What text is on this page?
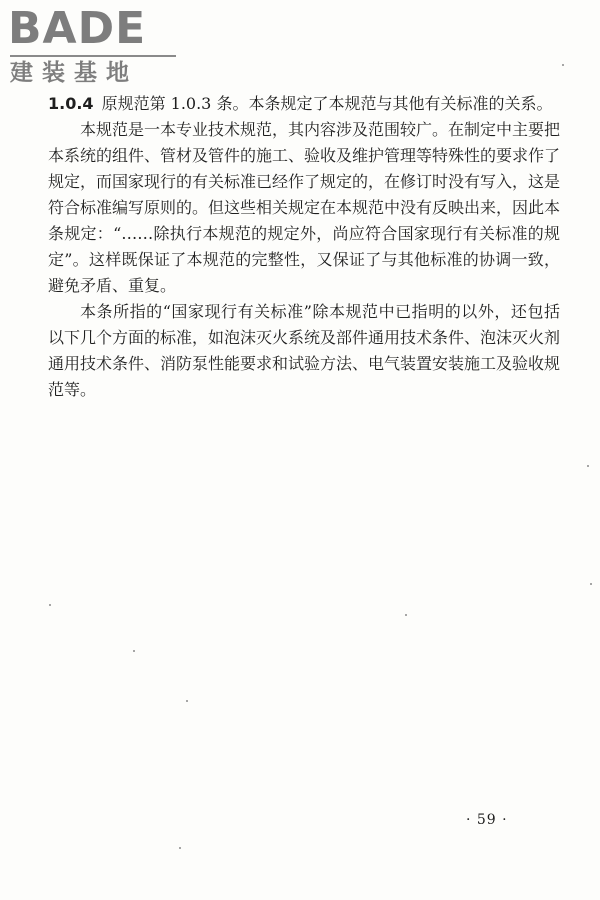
BADE
建装基地

1.0.4 原规范第 1.0.3 条。本条规定了本规范与其他有关标准的关系。

本规范是一本专业技术规范，其内容涉及范围较广。在制定中主要把本系统的组件、管材及管件的施工、验收及维护管理等特殊性的要求作了规定，而国家现行的有关标准已经作了规定的，在修订时没有写入，这是符合标准编写原则的。但这些相关规定在本规范中没有反映出来，因此本条规定：“……除执行本规范的规定外，尚应符合国家现行有关标准的规定”。这样既保证了本规范的完整性，又保证了与其他标准的协调一致，避免矛盾、重复。

本条所指的“国家现行有关标准”除本规范中已指明的以外，还包括以下几个方面的标准，如泡沫灭火系统及部件通用技术条件、泡沫灭火剂通用技术条件、消防泵性能要求和试验方法、电气装置安装施工及验收规范等。

· 59 ·
